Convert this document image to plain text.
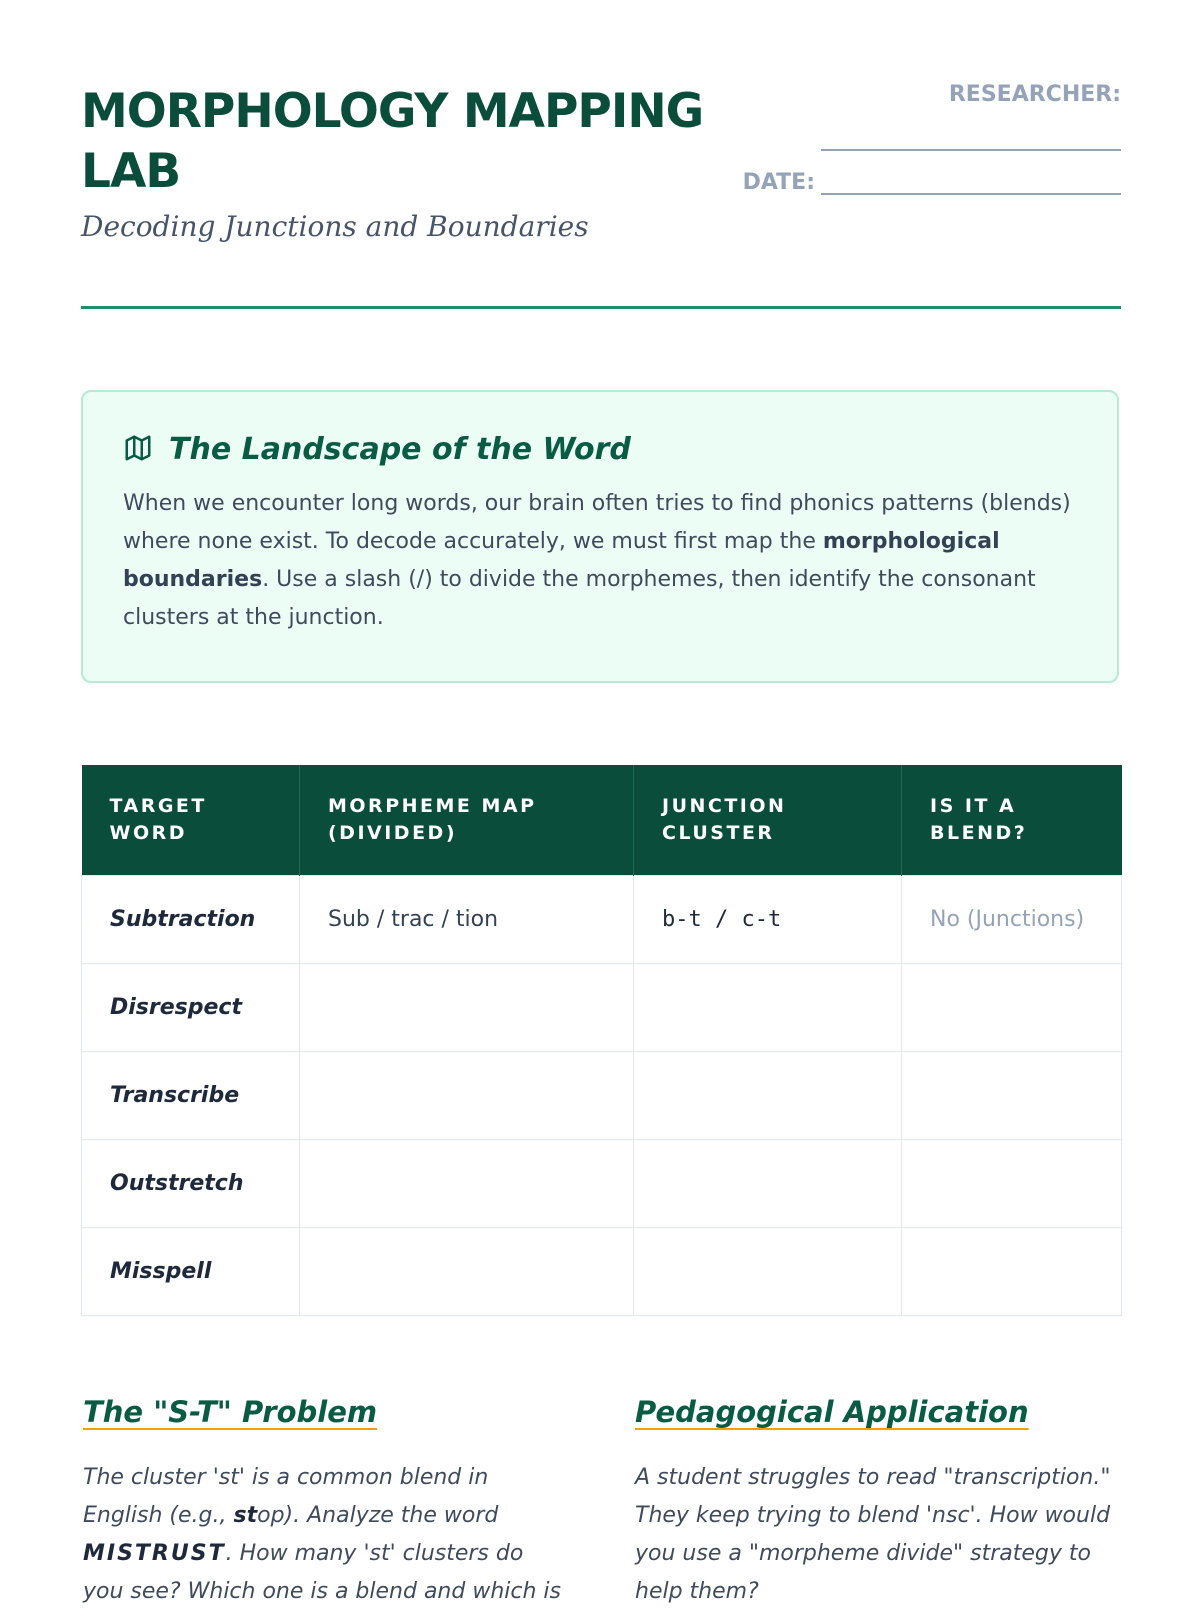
MORPHOLOGY MAPPING LAB

Decoding Junctions and Boundaries

RESEARCHER:
DATE:
The Landscape of the Word

When we encounter long words, our brain often tries to find phonics patterns (blends) where none exist. To decode accurately, we must first map the morphological boundaries. Use a slash (/) to divide the morphemes, then identify the consonant clusters at the junction.

TARGET WORD	MORPHEME MAP (DIVIDED)	JUNCTION CLUSTER	IS IT A BLEND?
Subtraction	Sub / trac / tion	b-t / c-t	No (Junctions)
Disrespect			
Transcribe			
Outstretch			
Misspell			
The "S-T" Problem

The cluster 'st' is a common blend in English (e.g., stop). Analyze the word MISTRUST. How many 'st' clusters do you see? Which one is a blend and which is

Pedagogical Application

A student struggles to read "transcription." They keep trying to blend 'nsc'. How would you use a "morpheme divide" strategy to help them?
